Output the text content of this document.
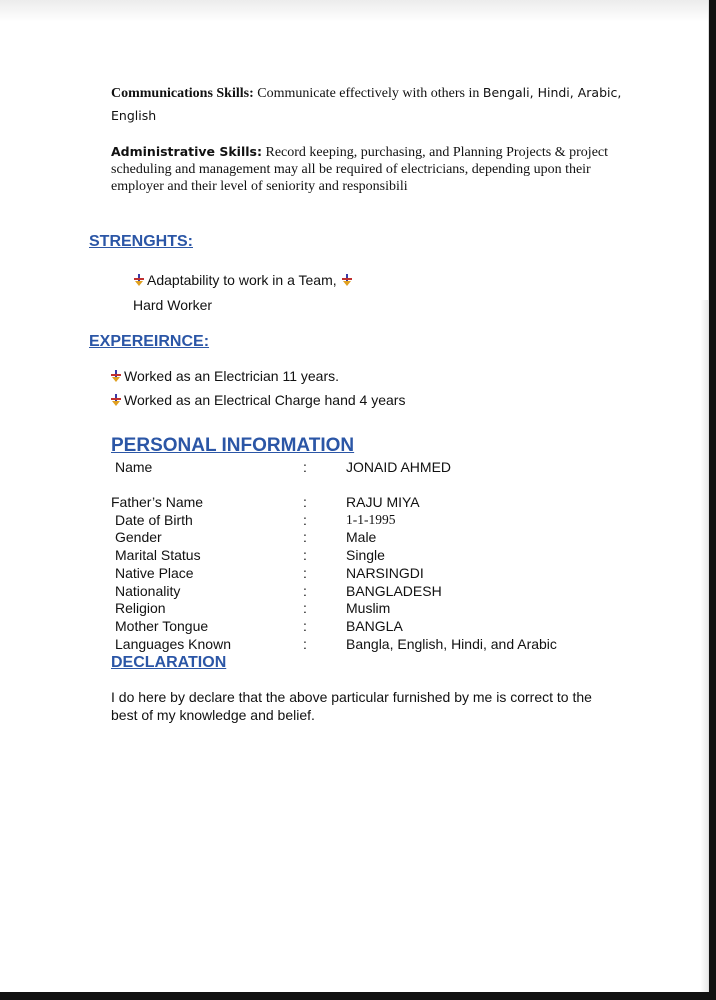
Communications Skills: Communicate effectively with others in Bengali, Hindi, Arabic,
English
Administrative Skills: Record keeping, purchasing, and Planning Projects & project
scheduling and management may all be required of electricians, depending upon their
employer and their level of seniority and responsibili
STRENGHTS:
Adaptability to work in a Team,
Hard Worker
EXPEREIRNCE:
Worked as an Electrician 11 years.
Worked as an Electrical Charge hand 4 years
PERSONAL INFORMATION
Name	:	JONAID AHMED
Father’s Name	:	RAJU MIYA
Date of Birth	:	1-1-1995
Gender	:	Male
Marital Status	:	Single
Native Place	:	NARSINGDI
Nationality	:	BANGLADESH
Religion	:	Muslim
Mother Tongue	:	BANGLA
Languages Known	:	Bangla, English, Hindi, and Arabic
DECLARATION
I do here by declare that the above particular furnished by me is correct to the
best of my knowledge and belief.
